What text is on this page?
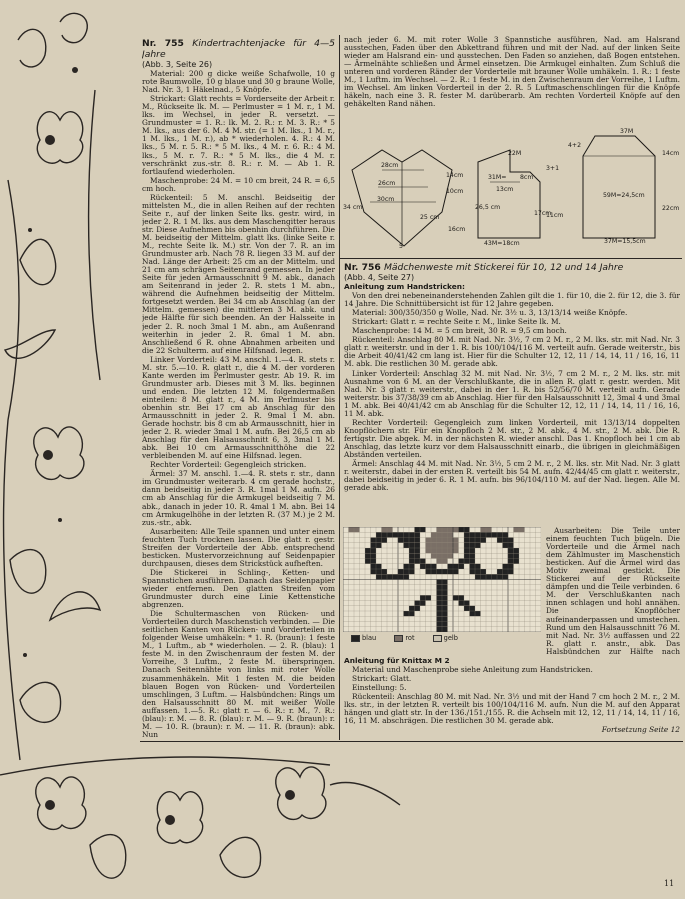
Nr. 755 Kindertrachtenjacke für 4—5 Jahre

(Abb. 3, Seite 26)

Material: 200 g dicke weiße Schafwolle, 10 g rote Baumwolle, 10 g blaue und 30 g braune Wolle, Nad. Nr. 3, 1 Häkelnad., 5 Knöpfe.

Strickart: Glatt rechts = Vorderseite der Arbeit r. M., Rückseite lk. M. — Perlmuster = 1 M. r., 1 M. lks. im Wechsel, in jeder R. versetzt. — Grundmuster = 1. R.: lk. M. 2. R.: r. M. 3. R.: * 5 M. lks., aus der 6. M. 4 M. str. (= 1 M. lks., 1 M. r., 1 M. lks., 1 M. r.), ab * wiederholen. 4. R.: 4 M. lks., 5 M. r. 5. R.: * 5 M. lks., 4 M. r. 6. R.: 4 M. lks., 5 M. r. 7. R.: * 5 M. lks., die 4 M. r. verschränkt zus.-str. 8. R.: r. M. — Ab 1. R. fortlaufend wiederholen.

Maschenprobe: 24 M. = 10 cm breit, 24 R. = 6,5 cm hoch.

Rückenteil: 5 M. anschl. Beidseitig der mittelsten M., die in allen Reihen auf der rechten Seite r., auf der linken Seite lks. gestr. wird, in jeder 2. R. 1 M. lks. aus dem Maschengitter heraus str. Diese Aufnehmen bis obenhin durchführen. Die M. beidseitig der Mittelm. glatt lks. (linke Seite r. M., rechte Seite lk. M.) str. Von der 7. R. an im Grundmuster arb. Nach 78 R. liegen 33 M. auf der Nad. Länge der Arbeit: 25 cm an der Mittelm. und 21 cm am schrägen Seitenrand gemessen. In jeder Seite für jeden Armausschnitt 9 M. abk., danach am Seitenrand in jeder 2. R. stets 1 M. abn., während die Aufnehmen beidseitig der Mittelm. fortgesetzt werden. Bei 34 cm ab Anschlag (an der Mittelm. gemessen) die mittleren 3 M. abk. und jede Hälfte für sich beenden. An der Halsseite in jeder 2. R. noch 3mal 1 M. abn., am Außenrand weiterhin in jeder 2. R. 6mal 1 M. abn. Anschließend 6 R. ohne Abnahmen arbeiten und die 22 Schulterm. auf eine Hilfsnad. legen.

Linker Vorderteil: 43 M. anschl. 1.—4. R. stets r. M. str. 5.—10. R. glatt r., die 4 M. der vorderen Kante werden im Perlmuster gestr. Ab 19. R. im Grundmuster arb. Dieses mit 3 M. lks. beginnen und enden. Die letzten 12 M. folgendermaßen einteilen: 8 M. glatt r., 4 M. im Perlmuster bis obenhin str. Bei 17 cm ab Anschlag für den Armausschnitt in jeder 2. R. 9mal 1 M. abn. Gerade hochstr. bis 8 cm ab Armausschnitt, hier in jeder 2. R. wieder 3mal 1 M. aufn. Bei 26,5 cm ab Anschlag für den Halsausschnitt 6, 3, 3mal 1 M. abk. Bei 10 cm Armausschnitthöhe die 22 verbleibenden M. auf eine Hilfsnad. legen.

Rechter Vorderteil: Gegengleich stricken.

Ärmel: 37 M. anschl. 1.—4. R. stets r. str., dann im Grundmuster weiterarb. 4 cm gerade hochstr., dann beidseitig in jeder 3. R. 1mal 1 M. aufn. 26 cm ab Anschlag für die Armkugel beidseitig 7 M. abk., danach in jeder 10. R. 4mal 1 M. abn. Bei 14 cm Armkugelhöhe in der letzten R. (37 M.) je 2 M. zus.-str., abk.

Ausarbeiten: Alle Teile spannen und unter einem feuchten Tuch trocknen lassen. Die glatt r. gestr. Streifen der Vorderteile der Abb. entsprechend besticken. Mustervorzeichnung auf Seidenpapier durchpausen, dieses dem Strickstück aufheften.

Die Stickerei in Schling-, Ketten- und Spannstichen ausführen. Danach das Seidenpapier wieder entfernen. Den glatten Streifen vom Grundmuster durch eine Linie Kettenstiche abgrenzen.

Die Schultermaschen von Rücken- und Vorderteilen durch Maschenstich verbinden. — Die seitlichen Kanten von Rücken- und Vorderteilen in folgender Weise umhäkeln: * 1. R. (braun): 1 feste M., 1 Luftm., ab * wiederholen. — 2. R. (blau): 1 feste M. in den Zwischenraum der festen M. der Vorreihe, 3 Luftm., 2 feste M. überspringen. Danach Seitennähte von links mit roter Wolle zusammenhäkeln. Mit 1 festen M. die beiden blauen Bogen von Rücken- und Vorderteilen umschlingen, 3 Luftm. — Halsbündchen: Rings um den Halsausschnitt 80 M. mit weißer Wolle auffassen. 1.—5. R.: glatt r. — 6. R.: r. M., 7. R.: (blau): r. M. — 8. R. (blau): r. M. — 9. R. (braun): r. M. — 10. R. (braun): r. M. — 11. R. (braun): abk. Nun

nach jeder 6. M. mit roter Wolle 3 Spannstiche ausführen, Nad. am Halsrand ausstechen, Faden über den Abkettrand führen und mit der Nad. auf der linken Seite wieder am Halsrand ein- und ausstechen. Den Faden so anziehen, daß Bogen entstehen. — Ärmelnähte schließen und Ärmel einsetzen. Die Armkugel einhalten. Zum Schluß die unteren und vorderen Ränder der Vorderteile mit brauner Wolle umhäkeln. 1. R.: 1 feste M., 1 Luftm. im Wechsel. — 2. R.: 1 feste M. in den Zwischenraum der Vorreihe, 1 Luftm. im Wechsel. Am linken Vorderteil in der 2. R. 5 Luftmaschenschlingen für die Knöpfe häkeln, nach eine 3. R. fester M. darüberarb. Am rechten Vorderteil Knöpfe auf den gehäkelten Rand nähen.

28cm
26cm
30cm
34 cm
25 cm
14cm
10cm
16cm
5
22M
31M= 8cm
13cm
3+1
26,5 cm
17cm
43M=18cm
11cm
37M
4+2
59M=24,5cm
14cm
22cm
37M=15,5cm

Nr. 756 Mädchenweste mit Stickerei für 10, 12 und 14 Jahre

(Abb. 4, Seite 27)

Anleitung zum Handstricken:

Von den drei nebeneinanderstehenden Zahlen gilt die 1. für 10, die 2. für 12, die 3. für 14 Jahre. Die Schnittübersicht ist für 12 Jahre gegeben.

Material: 300/350/350 g Wolle, Nad. Nr. 3½ u. 3, 13/13/14 weiße Knöpfe.

Strickart: Glatt r. = rechte Seite r. M., linke Seite lk. M.

Maschenprobe: 14 M. = 5 cm breit, 30 R. = 9,5 cm hoch.

Rückenteil: Anschlag 80 M. mit Nad. Nr. 3½, 7 cm 2 M. r., 2 M. lks. str. mit Nad. Nr. 3 glatt r. weiterstr. und in der 1. R. bis 100/104/116 M. verteilt aufn. Gerade weiterstr., bis die Arbeit 40/41/42 cm lang ist. Hier für die Schulter 12, 12, 11 / 14, 14, 11 / 16, 16, 11 M. abk. Die restlichen 30 M. gerade abk.

Linker Vorderteil: Anschlag 32 M. mit Nad. Nr. 3½, 7 cm 2 M. r., 2 M. lks. str. mit Ausnahme von 6 M. an der Verschlußkante, die in allen R. glatt r. gestr. werden. Mit Nad. Nr. 3 glatt r. weiterstr., dabei in der 1. R. bis 52/56/70 M. verteilt aufn. Gerade weiterstr. bis 37/38/39 cm ab Anschlag. Hier für den Halsausschnitt 12, 3mal 4 und 3mal 1 M. abk. Bei 40/41/42 cm ab Anschlag für die Schulter 12, 12, 11 / 14, 14, 11 / 16, 16, 11 M. abk.

Rechter Vorderteil: Gegengleich zum linken Vorderteil, mit 13/13/14 doppelten Knopflöchern str. Für ein Knopfloch 2 M. str., 2 M. abk., 4 M. str., 2 M. abk. Die R. fertigstr. Die abgek. M. in der nächsten R. wieder anschl. Das 1. Knopfloch bei 1 cm ab Anschlag, das letzte kurz vor dem Halsausschnitt einarb., die übrigen in gleichmäßigen Abständen verteilen.

Ärmel: Anschlag 44 M. mit Nad. Nr. 3½, 5 cm 2 M. r., 2 M. lks. str. Mit Nad. Nr. 3 glatt r. weiterstr., dabei in der ersten R. verteilt bis 54 M. aufn. 42/44/45 cm glatt r. weiterstr., dabei beidseitig in jeder 6. R. 1 M. aufn. bis 96/104/110 M. auf der Nad. liegen. Alle M. gerade abk.

blau	rot	gelb

Ausarbeiten: Die Teile unter einem feuchten Tuch bügeln. Die Vorderteile und die Ärmel nach dem Zählmuster im Maschenstich besticken. Auf die Ärmel wird das Motiv zweimal gestickt. Die Stickerei auf der Rückseite dämpfen und die Teile verbinden. 6 M. der Verschlußkanten nach innen schlagen und hohl annähen. Die Knopflöcher aufeinanderpassen und umstechen. Rund um den Halsausschnitt 76 M. mit Nad. Nr. 3½ auffassen und 22 R. glatt r. anstr., abk. Das Halsbündchen zur Hälfte nach

Anleitung für Knittax M 2

Material und Maschenprobe siehe Anleitung zum Handstricken.

Strickart: Glatt.

Einstellung: 5.

Rückenteil: Anschlag 80 M. mit Nad. Nr. 3½ und mit der Hand 7 cm hoch 2 M. r., 2 M. lks. str., in der letzten R. verteilt bis 100/104/116 M. aufn. Nun die M. auf den Apparat hängen und glatt str. In der 136./151./155. R. die Achseln mit 12, 12, 11 / 14, 14, 11 / 16, 16, 11 M. abschrägen. Die restlichen 30 M. gerade abk.

Fortsetzung Seite 12

11
